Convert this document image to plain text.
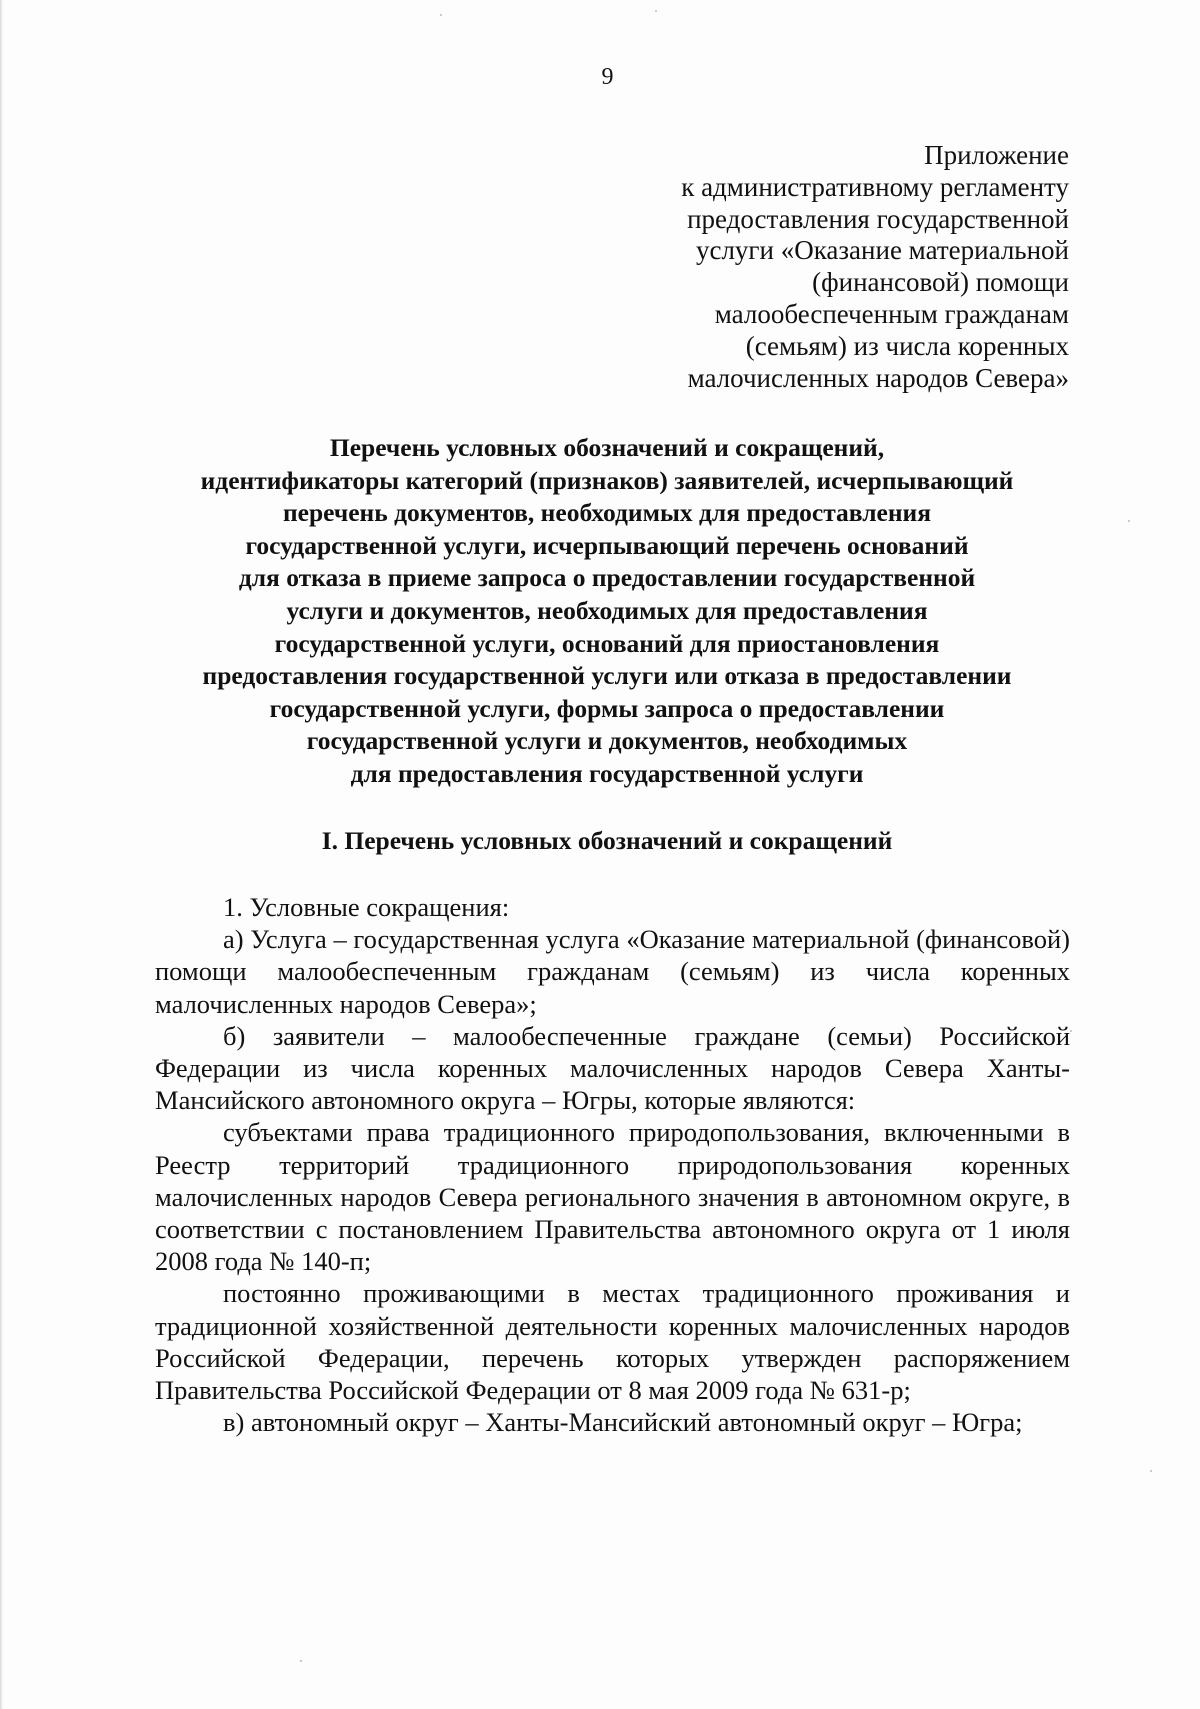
9
Приложение
к административному регламенту
предоставления государственной
услуги «Оказание материальной
(финансовой) помощи
малообеспеченным гражданам
(семьям) из числа коренных
малочисленных народов Севера»
Перечень условных обозначений и сокращений,
идентификаторы категорий (признаков) заявителей, исчерпывающий
перечень документов, необходимых для предоставления
государственной услуги, исчерпывающий перечень оснований
для отказа в приеме запроса о предоставлении государственной
услуги и документов, необходимых для предоставления
государственной услуги, оснований для приостановления
предоставления государственной услуги или отказа в предоставлении
государственной услуги, формы запроса о предоставлении
государственной услуги и документов, необходимых
для предоставления государственной услуги
I. Перечень условных обозначений и сокращений

1. Условные сокращения:

а) Услуга – государственная услуга «Оказание материальной (финансовой) помощи малообеспеченным гражданам (семьям) из числа коренных малочисленных народов Севера»;

б) заявители – малообеспеченные граждане (семьи) Российской Федерации из числа коренных малочисленных народов Севера Ханты-Мансийского автономного округа – Югры, которые являются:

субъектами права традиционного природопользования, включенными в Реестр территорий традиционного природопользования коренных малочисленных народов Севера регионального значения в автономном округе, в соответствии с постановлением Правительства автономного округа от 1 июля 2008 года № 140-п;

постоянно проживающими в местах традиционного проживания и традиционной хозяйственной деятельности коренных малочисленных народов Российской Федерации, перечень которых утвержден распоряжением Правительства Российской Федерации от 8 мая 2009 года № 631-р;

в) автономный округ – Ханты-Мансийский автономный округ – Югра;
